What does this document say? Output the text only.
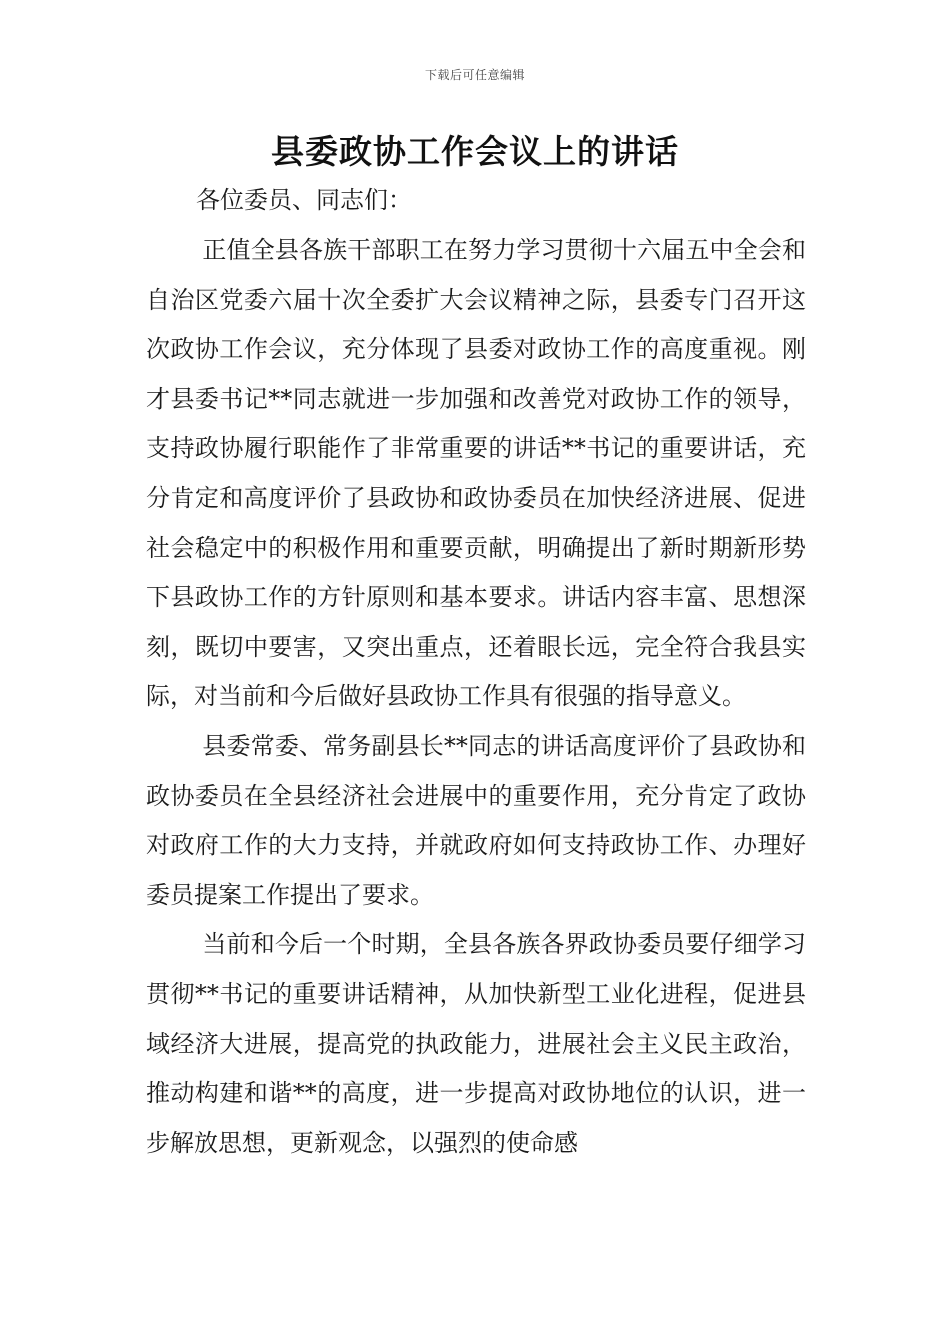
下载后可任意编辑
县委政协工作会议上的讲话
各位委员、同志们：

正值全县各族干部职工在努力学习贯彻十六届五中全会和自治区党委六届十次全委扩大会议精神之际，县委专门召开这次政协工作会议，充分体现了县委对政协工作的高度重视。刚才县委书记**同志就进一步加强和改善党对政协工作的领导，支持政协履行职能作了非常重要的讲话**书记的重要讲话，充分肯定和高度评价了县政协和政协委员在加快经济进展、促进社会稳定中的积极作用和重要贡献，明确提出了新时期新形势下县政协工作的方针原则和基本要求。讲话内容丰富、思想深刻，既切中要害，又突出重点，还着眼长远，完全符合我县实际，对当前和今后做好县政协工作具有很强的指导意义。

县委常委、常务副县长**同志的讲话高度评价了县政协和政协委员在全县经济社会进展中的重要作用，充分肯定了政协对政府工作的大力支持，并就政府如何支持政协工作、办理好委员提案工作提出了要求。

当前和今后一个时期，全县各族各界政协委员要仔细学习贯彻**书记的重要讲话精神，从加快新型工业化进程，促进县域经济大进展，提高党的执政能力，进展社会主义民主政治，推动构建和谐**的高度，进一步提高对政协地位的认识，进一步解放思想，更新观念，以强烈的使命感
